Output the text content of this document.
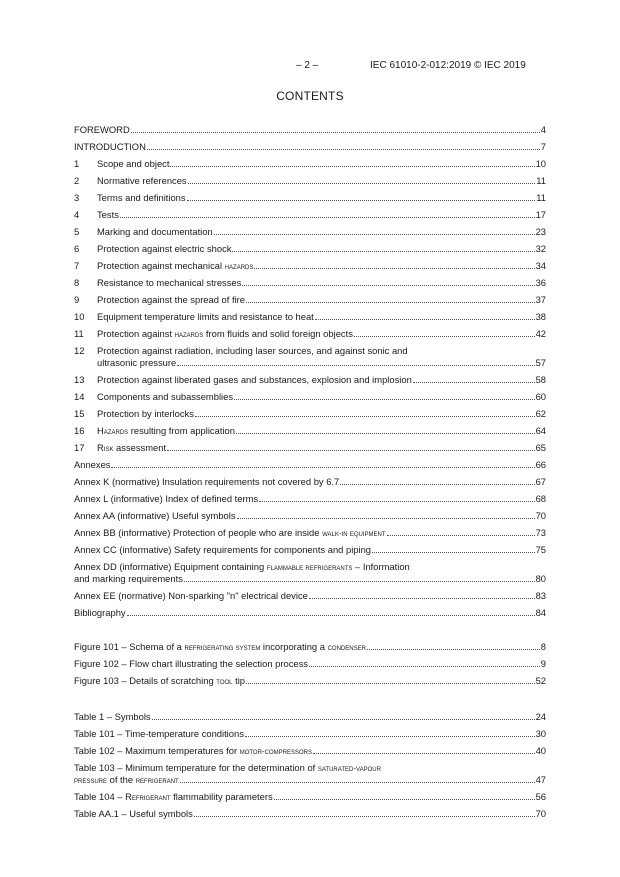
– 2 –	IEC 61010-2-012:2019 © IEC 2019
CONTENTS
FOREWORD	4
INTRODUCTION	7
1	Scope and object	10
2	Normative references	11
3	Terms and definitions	11
4	Tests	17
5	Marking and documentation	23
6	Protection against electric shock	32
7	Protection against mechanical hazards	34
8	Resistance to mechanical stresses	36
9	Protection against the spread of fire	37
10	Equipment temperature limits and resistance to heat	38
11	Protection against hazards from fluids and solid foreign objects	42
12 Protection against radiation, including laser sources, and against sonic and
ultrasonic pressure	57
13	Protection against liberated gases and substances, explosion and implosion	58
14	Components and subassemblies	60
15	Protection by interlocks	62
16	Hazards resulting from application	64
17	Risk assessment	65
Annexes	66
Annex K (normative) Insulation requirements not covered by 6.7	67
Annex L (informative) Index of defined terms	68
Annex AA (informative) Useful symbols	70
Annex BB (informative) Protection of people who are inside walk-in equipment	73
Annex CC (informative) Safety requirements for components and piping	75
Annex DD (informative) Equipment containing flammable refrigerants – Information
and marking requirements	80
Annex EE (normative) Non-sparking "n" electrical device	83
Bibliography	84
Figure 101 – Schema of a refrigerating system incorporating a condenser	8
Figure 102 – Flow chart illustrating the selection process	9
Figure 103 – Details of scratching tool tip	52
Table 1 – Symbols	24
Table 101 – Time-temperature conditions	30
Table 102 – Maximum temperatures for motor-compressors	40
Table 103 – Minimum temperature for the determination of saturated-vapour
pressure of the refrigerant	47
Table 104 – Refrigerant flammability parameters	56
Table AA.1 – Useful symbols	70
